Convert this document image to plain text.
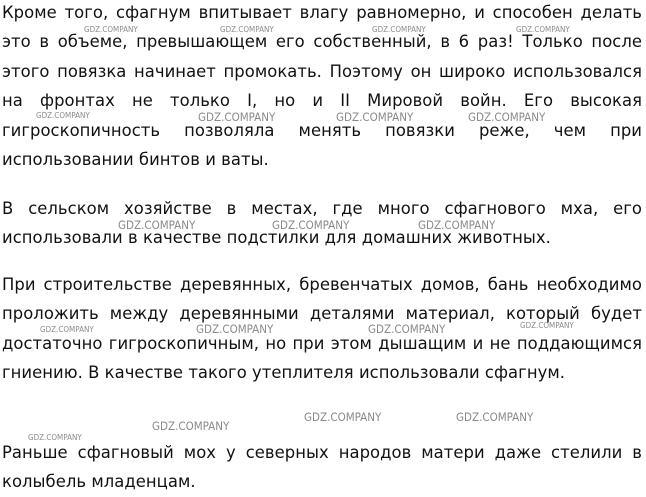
Кроме того, сфагнум впитывает влагу равномерно, и способен делать это в объеме, превышающем его собственный, в 6 раз! Только после этого повязка начинает промокать. Поэтому он широко использовался на фронтах не только I, но и II Мировой войн. Его высокая гигроскопичность позволяла менять повязки реже, чем при использовании бинтов и ваты.

В сельском хозяйстве в местах, где много сфагнового мха, его использовали в качестве подстилки для домашних животных.

При строительстве деревянных, бревенчатых домов, бань необходимо проложить между деревянными деталями материал, который будет достаточно гигроскопичным, но при этом дышащим и не поддающимся гниению. В качестве такого утеплителя использовали сфагнум.

Раньше сфагновый мох у северных народов матери даже стелили в колыбель младенцам.

GDZ.COMPANY	GDZ.COMPANY	GDZ.COMPANY	GDZ.COMPANY
GDZ.COMPANY	GDZ.COMPANY	GDZ.COMPANY	GDZ.COMPANY
GDZ.COMPANY	GDZ.COMPANY	GDZ.COMPANY
GDZ.COMPANY	GDZ.COMPANY	GDZ.COMPANY	GDZ.COMPANY
GDZ.COMPANY
GDZ.COMPANY	GDZ.COMPANY
GDZ.COMPANY
